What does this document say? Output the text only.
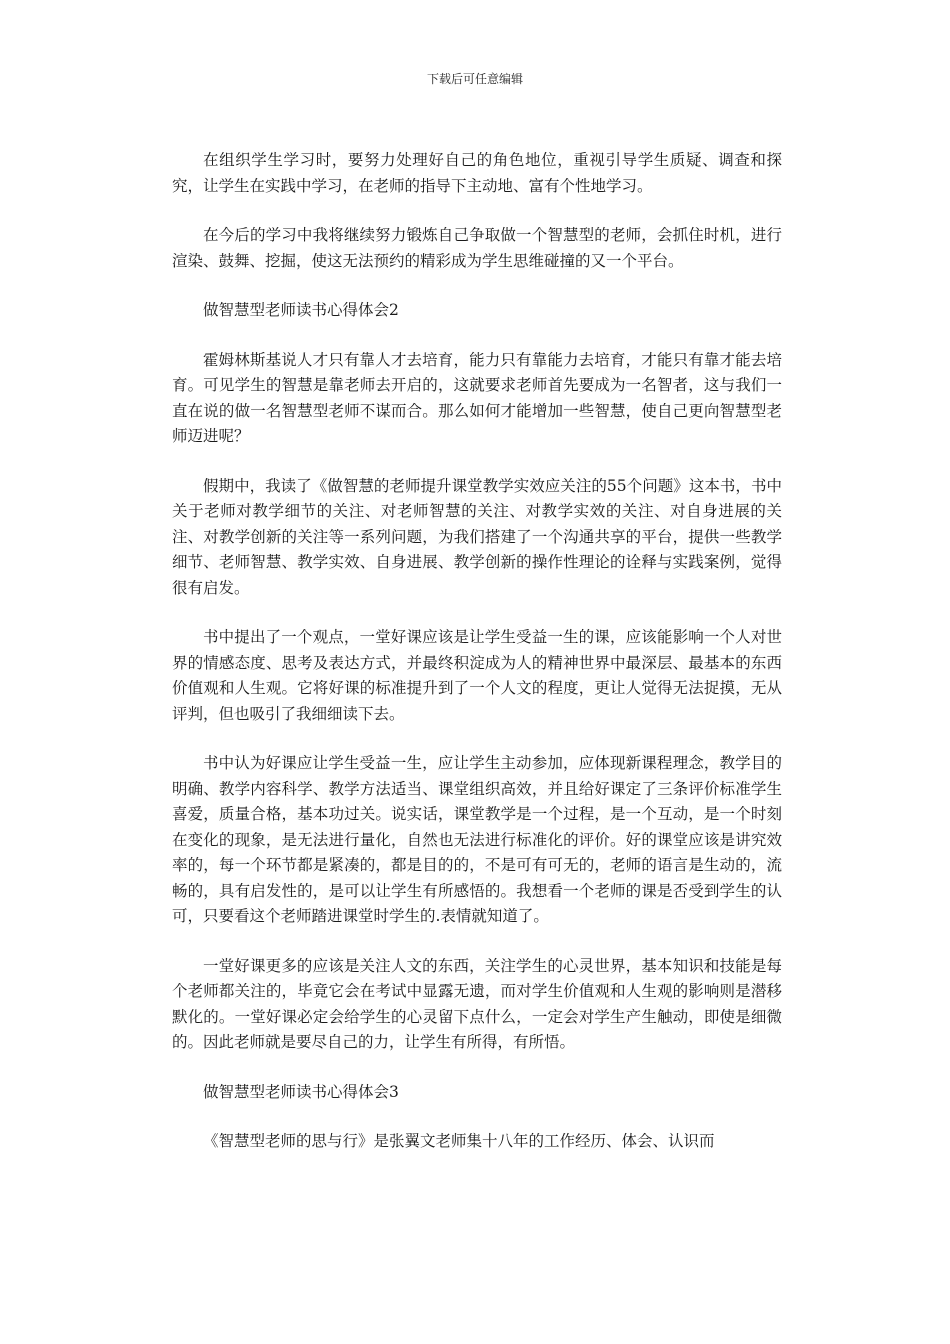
下载后可任意编辑

在组织学生学习时，要努力处理好自己的角色地位，重视引导学生质疑、调查和探究，让学生在实践中学习，在老师的指导下主动地、富有个性地学习。

在今后的学习中我将继续努力锻炼自己争取做一个智慧型的老师，会抓住时机，进行渲染、鼓舞、挖掘，使这无法预约的精彩成为学生思维碰撞的又一个平台。

做智慧型老师读书心得体会2

霍姆林斯基说人才只有靠人才去培育，能力只有靠能力去培育，才能只有靠才能去培育。可见学生的智慧是靠老师去开启的，这就要求老师首先要成为一名智者，这与我们一直在说的做一名智慧型老师不谋而合。那么如何才能增加一些智慧，使自己更向智慧型老师迈进呢？

假期中，我读了《做智慧的老师提升课堂教学实效应关注的55个问题》这本书，书中关于老师对教学细节的关注、对老师智慧的关注、对教学实效的关注、对自身进展的关注、对教学创新的关注等一系列问题，为我们搭建了一个沟通共享的平台，提供一些教学细节、老师智慧、教学实效、自身进展、教学创新的操作性理论的诠释与实践案例，觉得很有启发。

书中提出了一个观点，一堂好课应该是让学生受益一生的课，应该能影响一个人对世界的情感态度、思考及表达方式，并最终积淀成为人的精神世界中最深层、最基本的东西价值观和人生观。它将好课的标准提升到了一个人文的程度，更让人觉得无法捉摸，无从评判，但也吸引了我细细读下去。

书中认为好课应让学生受益一生，应让学生主动参加，应体现新课程理念，教学目的明确、教学内容科学、教学方法适当、课堂组织高效，并且给好课定了三条评价标准学生喜爱，质量合格，基本功过关。说实话，课堂教学是一个过程，是一个互动，是一个时刻在变化的现象，是无法进行量化，自然也无法进行标准化的评价。好的课堂应该是讲究效率的，每一个环节都是紧凑的，都是目的的，不是可有可无的，老师的语言是生动的，流畅的，具有启发性的，是可以让学生有所感悟的。我想看一个老师的课是否受到学生的认可，只要看这个老师踏进课堂时学生的.表情就知道了。

一堂好课更多的应该是关注人文的东西，关注学生的心灵世界，基本知识和技能是每个老师都关注的，毕竟它会在考试中显露无遗，而对学生价值观和人生观的影响则是潜移默化的。一堂好课必定会给学生的心灵留下点什么，一定会对学生产生触动，即使是细微的。因此老师就是要尽自己的力，让学生有所得，有所悟。

做智慧型老师读书心得体会3

《智慧型老师的思与行》是张翼文老师集十八年的工作经历、体会、认识而
